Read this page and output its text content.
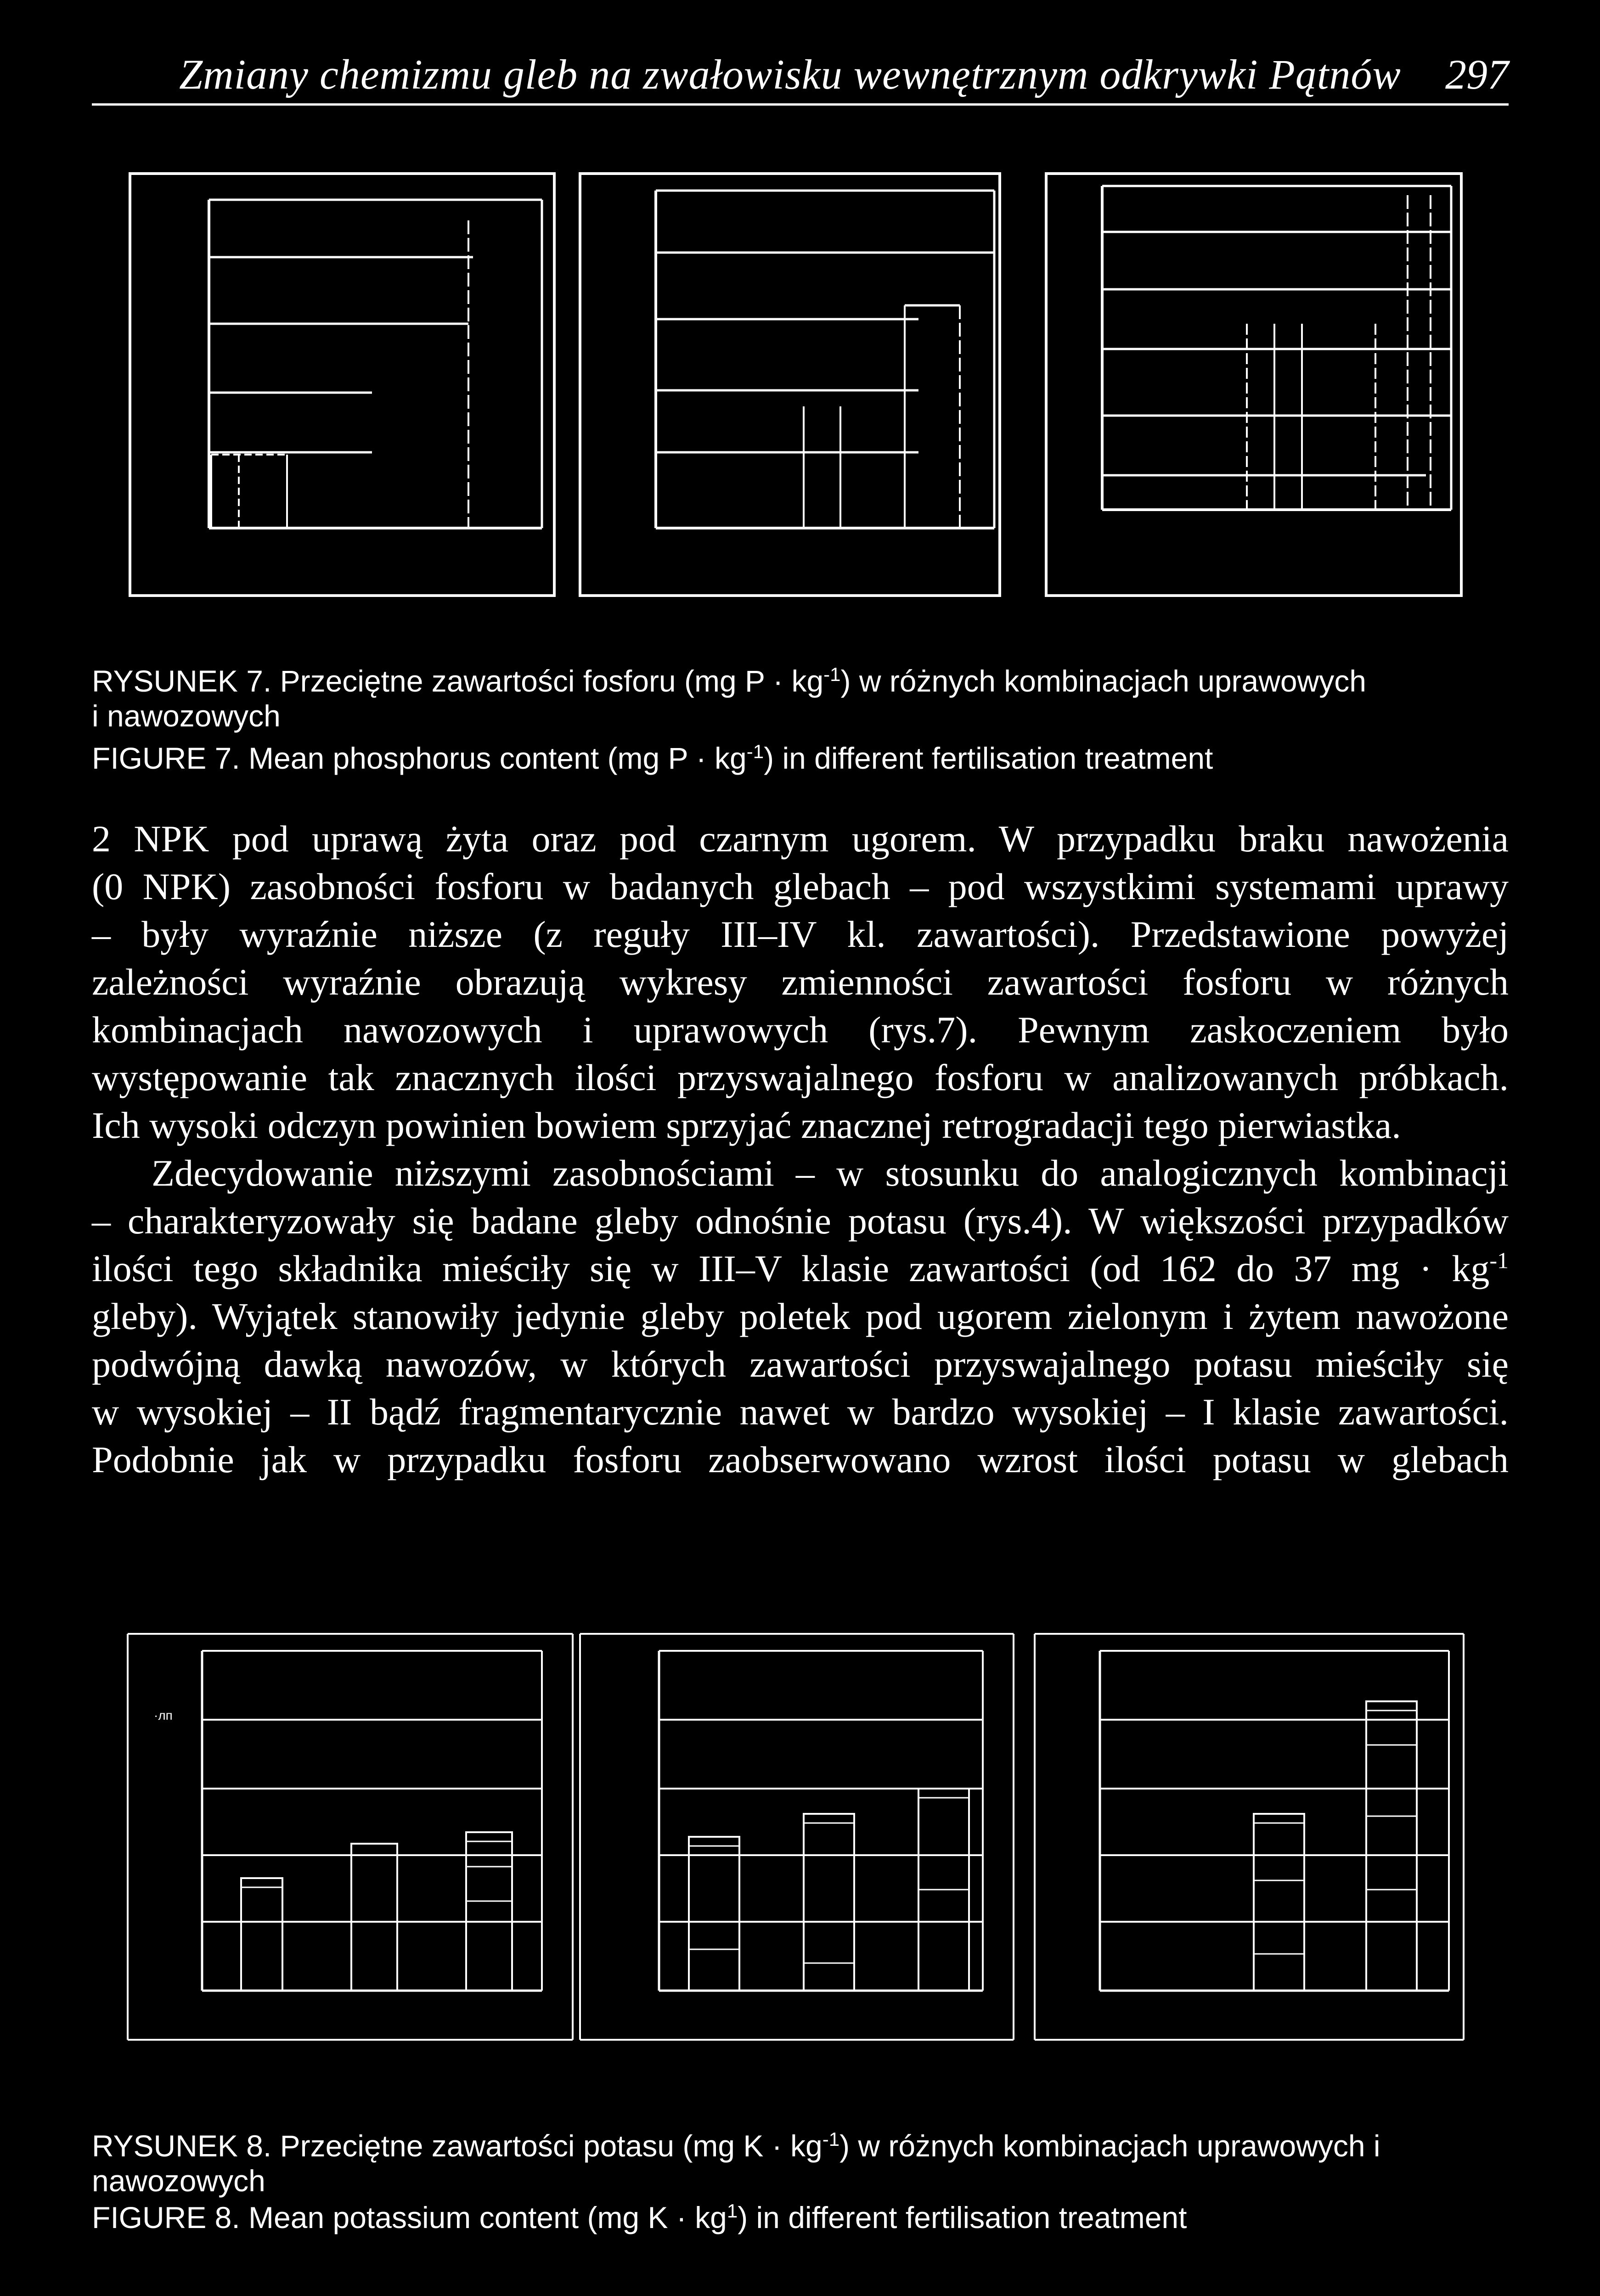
Zmiany chemizmu gleb na zwałowisku wewnętrznym odkrywki Pątnów 297
RYSUNEK 7. Przeciętne zawartości fosforu (mg $P \cdot kg^{-1}$) w różnych kombinacjach uprawowych
i nawozowych
FIGURE 7. Mean phosphorus content (mg $P \cdot kg^{-1}$) in different fertilisation treatment
2 NPK pod uprawą żyta oraz pod czarnym ugorem. W przypadku braku nawożenia
(0 NPK) zasobności fosforu w badanych glebach – pod wszystkimi systemami uprawy
– były wyraźnie niższe (z reguły III–IV kl. zawartości). Przedstawione powyżej
zależności wyraźnie obrazują wykresy zmienności zawartości fosforu w różnych
kombinacjach nawozowych i uprawowych (rys.7). Pewnym zaskoczeniem było
występowanie tak znacznych ilości przyswajalnego fosforu w analizowanych próbkach.
Ich wysoki odczyn powinien bowiem sprzyjać znacznej retrogradacji tego pierwiastka.
Zdecydowanie niższymi zasobnościami – w stosunku do analogicznych kombinacji
– charakteryzowały się badane gleby odnośnie potasu (rys.4). W większości przypadków
ilości tego składnika mieściły się w III–V klasie zawartości (od 162 do 37 mg · $kg^{-1}$
gleby). Wyjątek stanowiły jedynie gleby poletek pod ugorem zielonym i żytem nawożone
podwójną dawką nawozów, w których zawartości przyswajalnego potasu mieściły się
w wysokiej – II bądź fragmentarycznie nawet w bardzo wysokiej – I klasie zawartości.
Podobnie jak w przypadku fosforu zaobserwowano wzrost ilości potasu w glebach
·лп
RYSUNEK 8. Przeciętne zawartości potasu (mg $K \cdot kg^{-1}$) w różnych kombinacjach uprawowych i
nawozowych
FIGURE 8. Mean potassium content (mg $K \cdot kg^1$) in different fertilisation treatment
